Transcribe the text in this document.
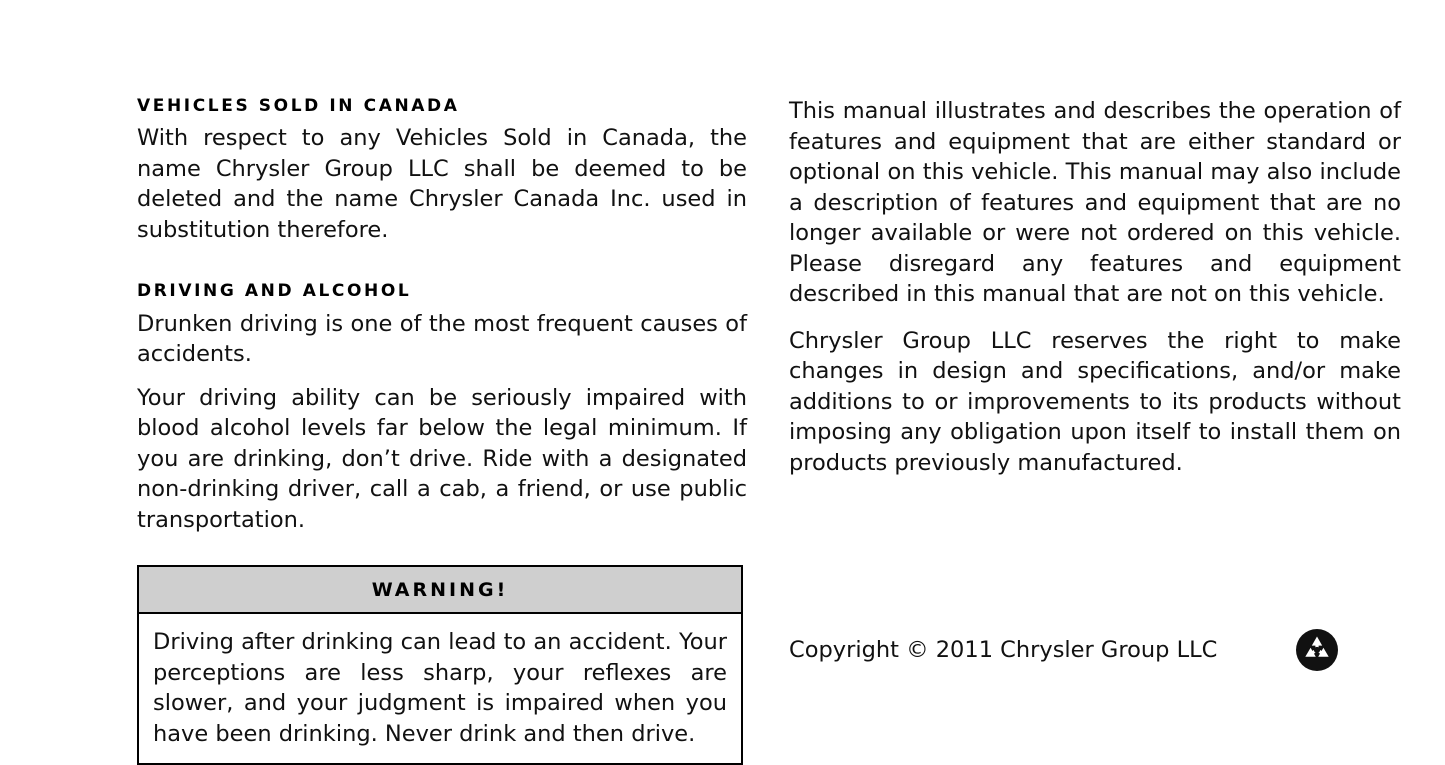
VEHICLES SOLD IN CANADA

With respect to any Vehicles Sold in Canada, the name Chrysler Group LLC shall be deemed to be deleted and the name Chrysler Canada Inc. used in substitution therefore.

DRIVING AND ALCOHOL

Drunken driving is one of the most frequent causes of accidents.

Your driving ability can be seriously impaired with blood alcohol levels far below the legal minimum. If you are drinking, don’t drive. Ride with a designated non-drinking driver, call a cab, a friend, or use public transportation.

WARNING!
Driving after drinking can lead to an accident. Your perceptions are less sharp, your reflexes are slower, and your judgment is impaired when you have been drinking. Never drink and then drive.

This manual illustrates and describes the operation of features and equipment that are either standard or optional on this vehicle. This manual may also include a description of features and equipment that are no longer available or were not ordered on this vehicle. Please disregard any features and equipment described in this manual that are not on this vehicle.

Chrysler Group LLC reserves the right to make changes in design and specifications, and/or make additions to or improvements to its products without imposing any obligation upon itself to install them on products previously manufactured.

Copyright © 2011 Chrysler Group LLC
